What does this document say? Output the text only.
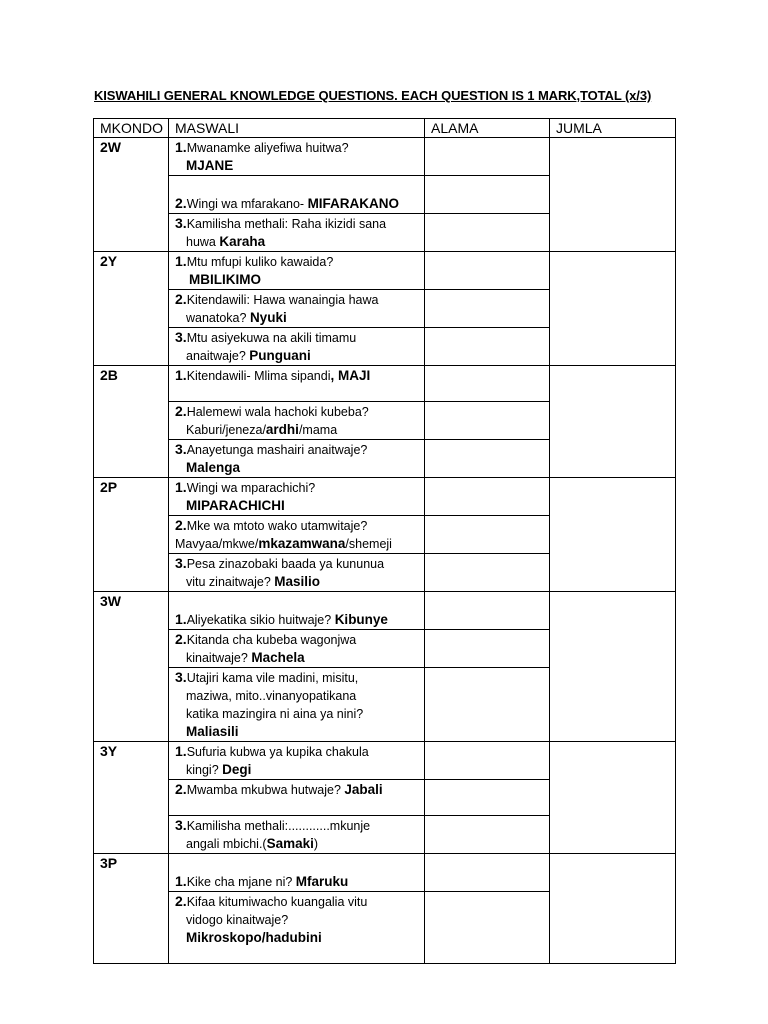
KISWAHILI GENERAL KNOWLEDGE QUESTIONS. EACH QUESTION IS 1 MARK,TOTAL (x/3)
MKONDO	MASWALI	ALAMA	JUMLA
2W	1.Mwanamke aliyefiwa huitwa?

MJANE		

2.Wingi wa mfarakano- MIFARAKANO		
	3.Kamilisha methali: Raha ikizidi sana

huwa Karaha		

2Y	1.Mtu mfupi kuliko kawaida?

MBILIKIMO		

	2.Kitendawili: Hawa wanaingia hawa

wanatoka? Nyuki		

	3.Mtu asiyekuwa na akili timamu

anaitwaje? Punguani		

2B	1.Kitendawili- Mlima sipandi, MAJI		
	2.Halemewi wala hachoki kubeba?

Kaburi/jeneza/ardhi/mama		

	3.Anayetunga mashairi anaitwaje?

Malenga		

2P	1.Wingi wa mparachichi?

MIPARACHICHI		

	2.Mke wa mtoto wako utamwitaje?
Mavyaa/mkwe/mkazamwana/shemeji		
	3.Pesa zinazobaki baada ya kununua

vitu zinaitwaje? Masilio		

3W	1.Aliyekatika sikio huitwaje? Kibunye		
	2.Kitanda cha kubeba wagonjwa

kinaitwaje? Machela		

	3.Utajiri kama vile madini, misitu,

maziwa, mito..vinanyopatikana
katika mazingira ni aina ya nini?
Maliasili		

3Y	1.Sufuria kubwa ya kupika chakula

kingi? Degi		

	2.Mwamba mkubwa hutwaje? Jabali		
	3.Kamilisha methali:............mkunje

angali mbichi.(Samaki)		

3P	1.Kike cha mjane ni? Mfaruku		
	2.Kifaa kitumiwacho kuangalia vitu

vidogo kinaitwaje?
Mikroskopo/hadubini		
